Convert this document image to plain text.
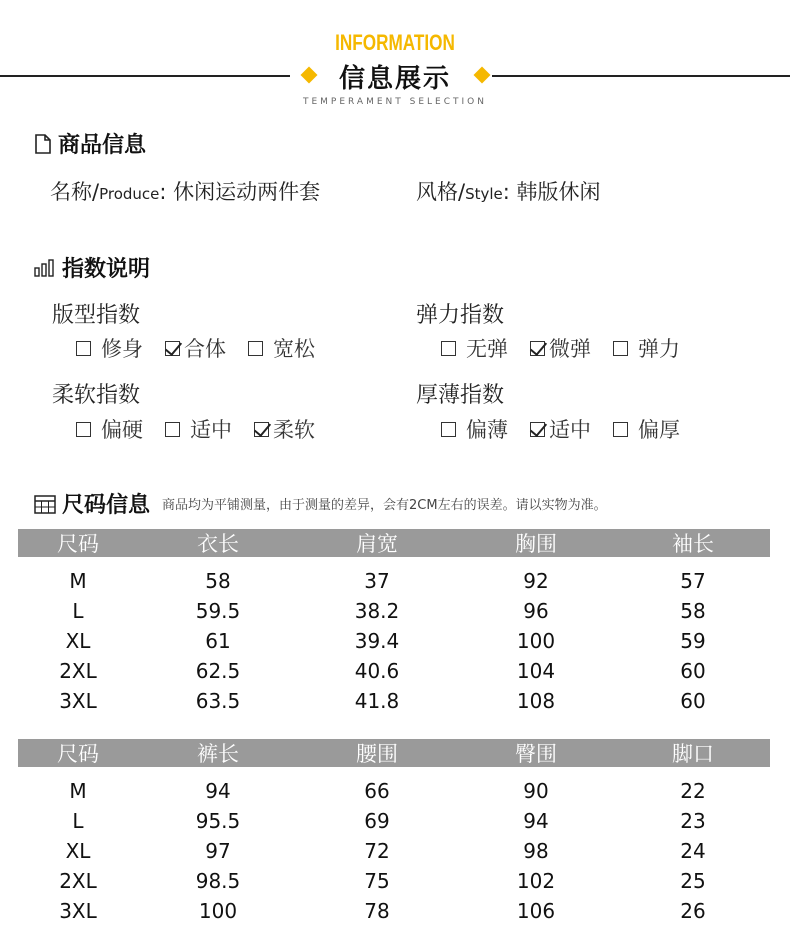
INFORMATION
信息展示
TEMPERAMENT SELECTION
商品信息
名称/Produce: 休闲运动两件套	风格/Style: 韩版休闲
指数说明
版型指数
修身 合体 宽松
弹力指数
无弹 微弹 弹力
柔软指数
偏硬 适中 柔软
厚薄指数
偏薄 适中 偏厚
尺码信息 商品均为平铺测量，由于测量的差异，会有2CM左右的误差。请以实物为准。
尺码	衣长	肩宽	胸围	袖长
M	58	37	92	57
L	59.5	38.2	96	58
XL	61	39.4	100	59
2XL	62.5	40.6	104	60
3XL	63.5	41.8	108	60
尺码	裤长	腰围	臀围	脚口
M	94	66	90	22
L	95.5	69	94	23
XL	97	72	98	24
2XL	98.5	75	102	25
3XL	100	78	106	26
